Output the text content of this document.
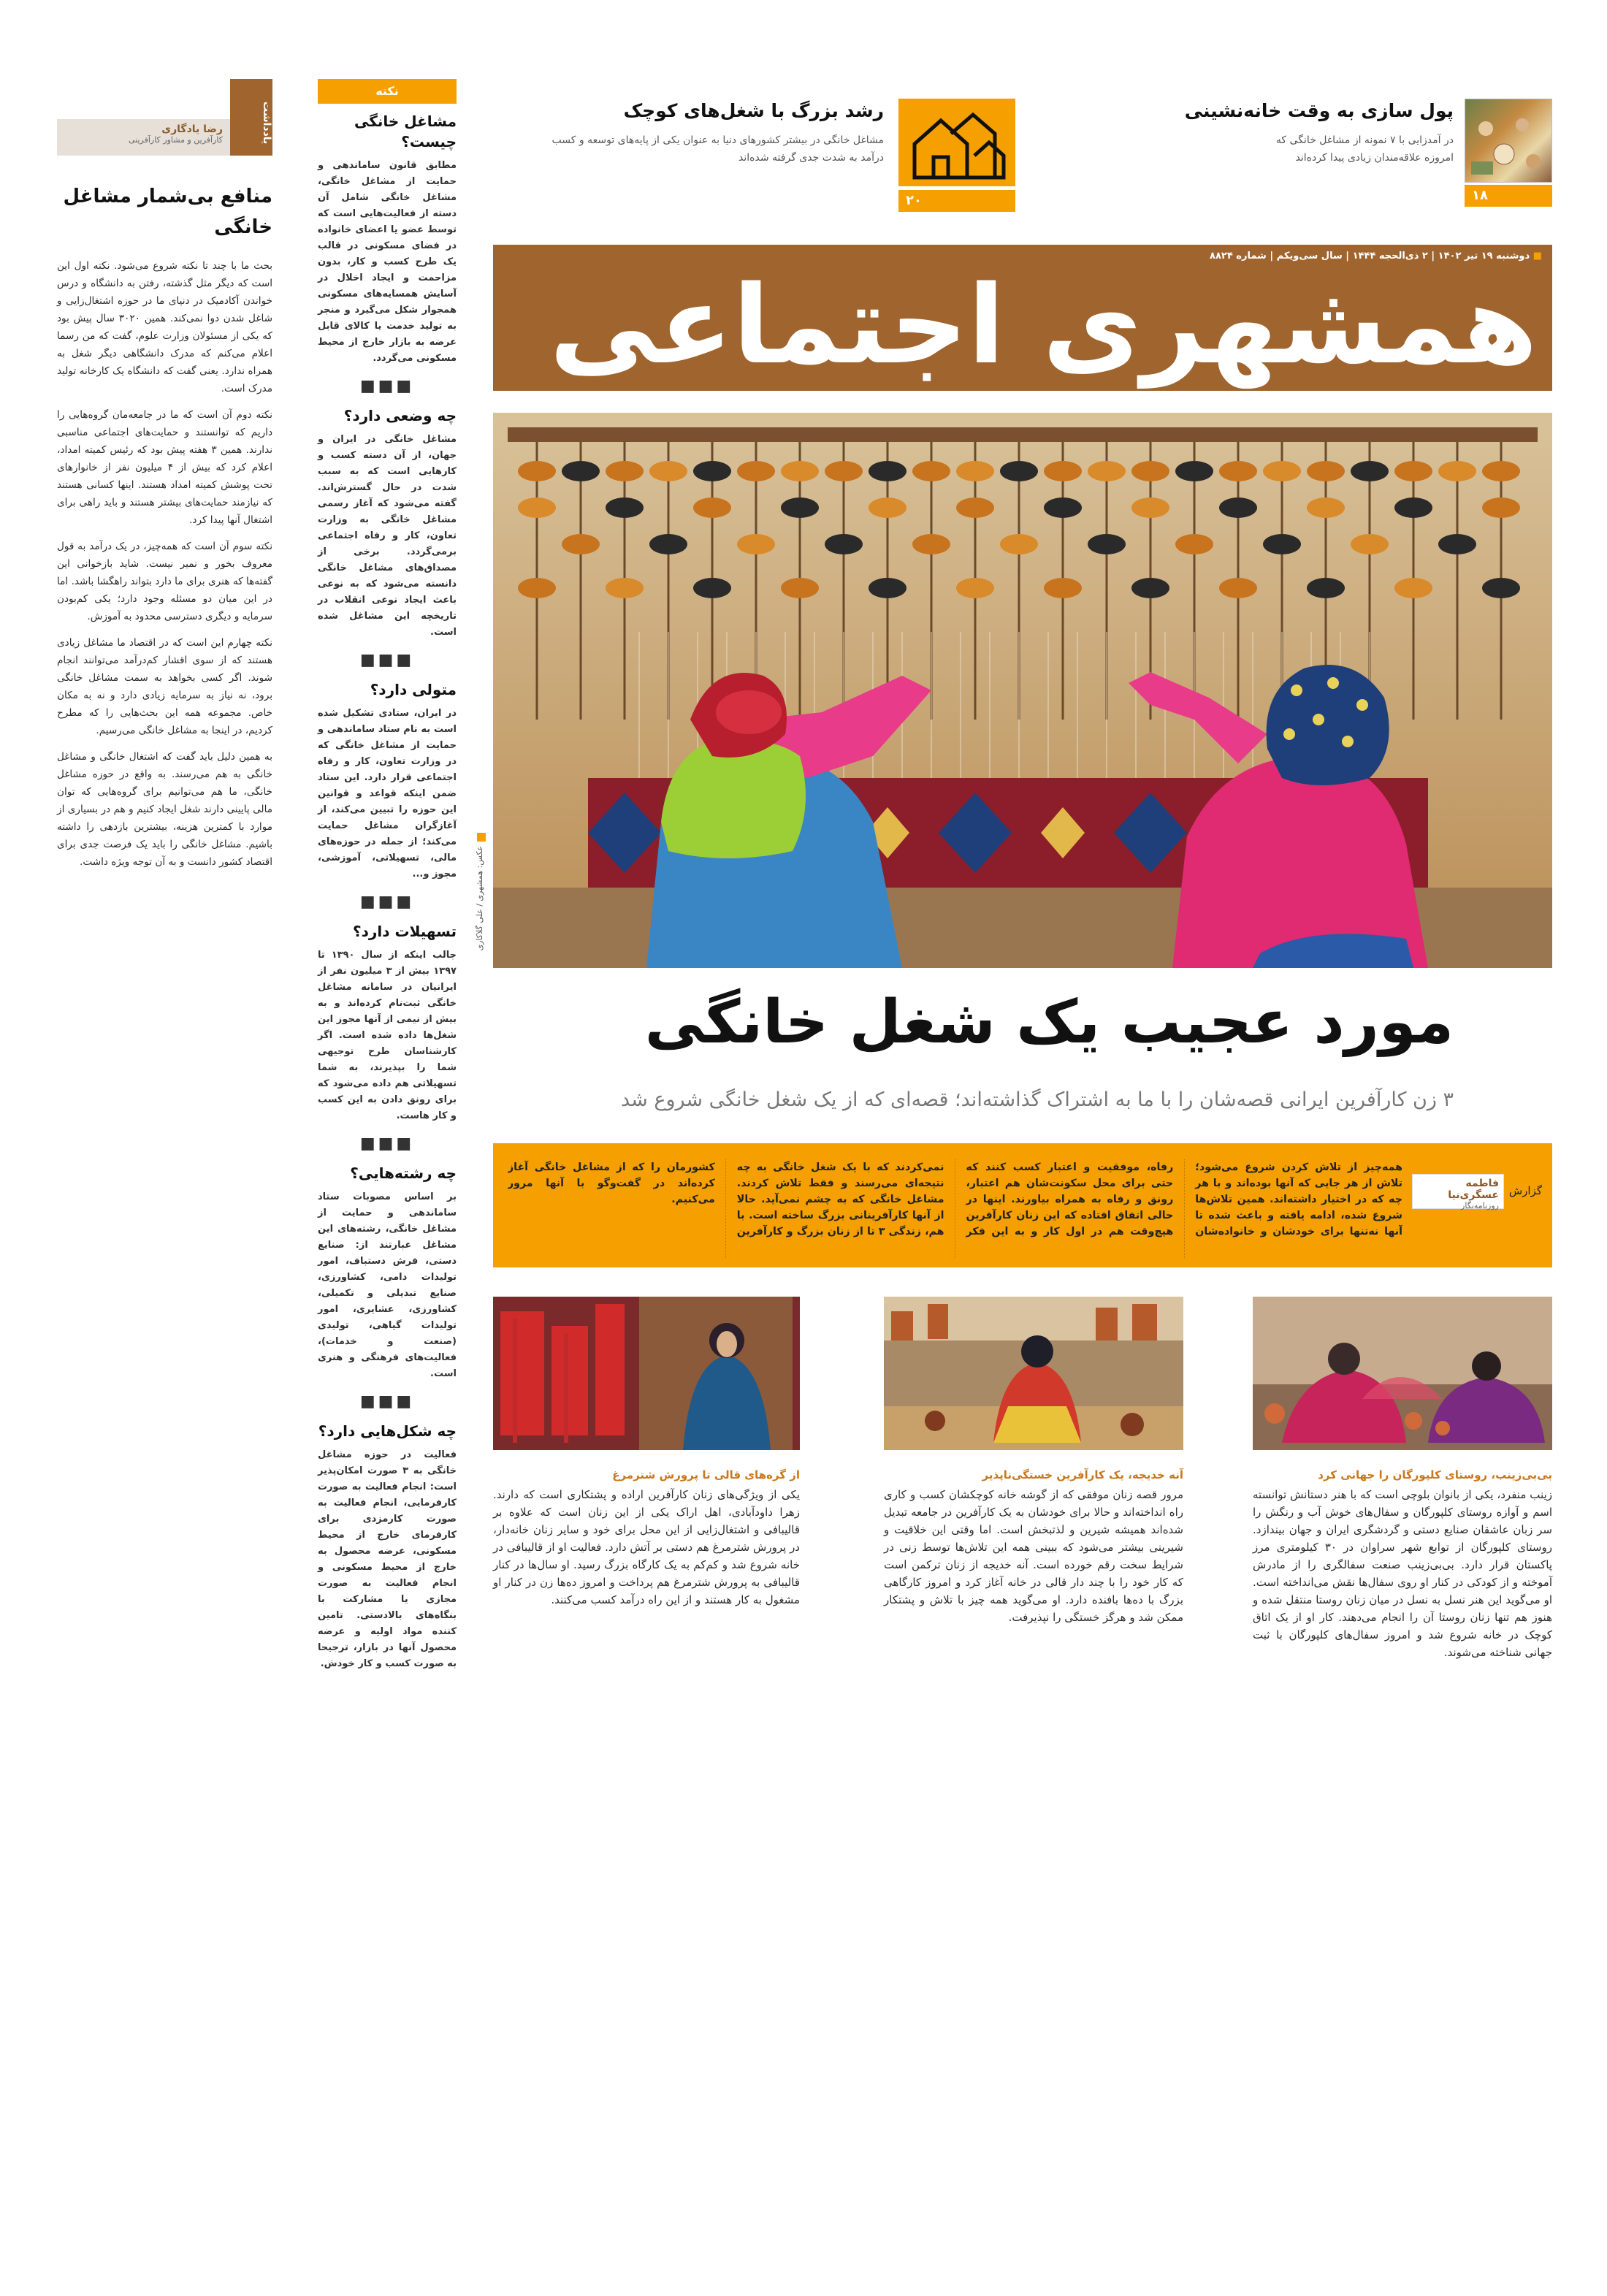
پول سازی به وقت خانه‌نشینی
در آمدزایی با ۷ نمونه از مشاغل خانگی که امروزه علاقه‌مندان زیادی پیدا کرده‌اند
۱۸
رشد بزرگ با شغل‌های کوچک
مشاغل خانگی در بیشتر کشورهای دنیا به عنوان یکی از پایه‌های توسعه و کسب درآمد به شدت جدی گرفته شده‌اند
۲۰
■ دوشنبه ۱۹ تیر ۱۴۰۲ | ۲ ذی‌الحجه ۱۴۴۴ | سال سی‌ویکم | شماره ۸۸۲۴
همشهری اجتماعی
عکس: همشهری / علی گلاکاری
مورد عجیب یک شغل خانگی
۳ زن کارآفرین ایرانی قصه‌شان را با ما به اشتراک گذاشته‌اند؛ قصه‌ای که از یک شغل خانگی شروع شد
گزارش
فاطمه عسگری‌نیا
روزنامه‌نگار
همه‌چیز از تلاش کردن شروع می‌شود؛ تلاش از هر جایی که آنها بوده‌اند و با هر چه که در اختیار داشته‌اند. همین تلاش‌ها شروع شده، ادامه یافته و باعث شده تا آنها نه‌تنها برای خودشان و خانواده‌شان رفاه، موفقیت و اعتبار کسب کنند که حتی برای محل سکونت‌شان هم اعتبار، رونق و رفاه به همراه بیاورند. اینها در حالی اتفاق افتاده که این زنان کارآفرین هیچ‌وقت هم در اول کار و به این فکر نمی‌کردند که با یک شغل خانگی به چه نتیجه‌ای می‌رسند و فقط تلاش کردند. مشاغل خانگی که به چشم نمی‌آید. حالا از آنها کارآفرینانی بزرگ ساخته است. با هم، زندگی ۳ تا از زنان بزرگ و کارآفرین کشورمان را که از مشاغل خانگی آغاز کرده‌اند در گفت‌وگو با آنها مرور می‌کنیم.
بی‌بی‌زینب، روستای کلپورگان را جهانی کرد
زینب منفرد، یکی از بانوان بلوچی است که با هنر دستانش توانسته اسم و آوازه روستای کلپورگان و سفال‌های خوش آب و رنگش را سر زبان عاشقان صنایع دستی و گردشگری ایران و جهان بیندازد. روستای کلپورگان از توابع شهر سراوان در ۳۰ کیلومتری مرز پاکستان قرار دارد. بی‌بی‌زینب صنعت سفالگری را از مادرش آموخته و از کودکی در کنار او روی سفال‌ها نقش می‌انداخته است. او می‌گوید این هنر نسل به نسل در میان زنان روستا منتقل شده و هنوز هم تنها زنان روستا آن را انجام می‌دهند. کار او از یک اتاق کوچک در خانه شروع شد و امروز سفال‌های کلپورگان با ثبت جهانی شناخته می‌شوند.
آنه خدیجه، یک کارآفرین خستگی‌ناپذیر
مرور قصه زنان موفقی که از گوشه خانه کوچکشان کسب و کاری راه انداخته‌اند و حالا برای خودشان به یک کارآفرین در جامعه تبدیل شده‌اند همیشه شیرین و لذتبخش است. اما وقتی این خلاقیت و شیرینی بیشتر می‌شود که ببینی همه این تلاش‌ها توسط زنی در شرایط سخت رقم خورده است. آنه خدیجه از زنان ترکمن است که کار خود را با چند دار قالی در خانه آغاز کرد و امروز کارگاهی بزرگ با ده‌ها بافنده دارد. او می‌گوید همه چیز با تلاش و پشتکار ممکن شد و هرگز خستگی را نپذیرفت.
از گره‌های قالی تا پرورش شترمرغ
یکی از ویژگی‌های زنان کارآفرین اراده و پشتکاری است که دارند. زهرا داودآبادی، اهل اراک یکی از این زنان است که علاوه بر قالیبافی و اشتغال‌زایی از این محل برای خود و سایر زنان خانه‌دار، در پرورش شترمرغ هم دستی بر آتش دارد. فعالیت او از قالیبافی در خانه شروع شد و کم‌کم به یک کارگاه بزرگ رسید. او سال‌ها در کنار قالیبافی به پرورش شترمرغ هم پرداخت و امروز ده‌ها زن در کنار او مشغول به کار هستند و از این راه درآمد کسب می‌کنند.
نکته
مشاغل خانگی چیست؟
مطابق قانون ساماندهی و حمایت از مشاغل خانگی، مشاغل خانگی شامل آن دسته از فعالیت‌هایی است که توسط عضو یا اعضای خانواده در فضای مسکونی در قالب یک طرح کسب و کار، بدون مزاحمت و ایجاد اخلال در آسایش همسایه‌های مسکونی همجوار شکل می‌گیرد و منجر به تولید خدمت یا کالای قابل عرضه به بازار خارج از محیط مسکونی می‌گردد.
■■■
چه وضعی دارد؟
مشاغل خانگی در ایران و جهان، از آن دسته کسب و کارهایی است که به سبب شدت در حال گسترش‌اند. گفته می‌شود که آغاز رسمی مشاغل خانگی به وزارت تعاون، کار و رفاه اجتماعی برمی‌گردد. برخی از مصداق‌های مشاغل خانگی دانسته می‌شود که به نوعی باعث ایجاد نوعی انقلاب در تاریخچه این مشاغل شده است.
■■■
متولی دارد؟
در ایران، ستادی تشکیل شده است به نام ستاد ساماندهی و حمایت از مشاغل خانگی که در وزارت تعاون، کار و رفاه اجتماعی قرار دارد. این ستاد ضمن اینکه قواعد و قوانین این حوزه را تبیین می‌کند، از آغازگران مشاغل حمایت می‌کند؛ از جمله در حوزه‌های مالی، تسهیلاتی، آموزشی، مجوز و...
■■■
تسهیلات دارد؟
جالب اینکه از سال ۱۳۹۰ تا ۱۳۹۷ بیش از ۳ میلیون نفر از ایرانیان در سامانه مشاغل خانگی ثبت‌نام کرده‌اند و به بیش از نیمی از آنها مجوز این شغل‌ها داده شده است. اگر کارشناسان طرح توجیهی شما را بپذیرند، به شما تسهیلاتی هم داده می‌شود که برای رونق دادن به این کسب و کار هاست.
■■■
چه رشته‌هایی؟
بر اساس مصوبات ستاد ساماندهی و حمایت از مشاغل خانگی، رشته‌های این مشاغل عبارتند از: صنایع دستی، فرش دستباف، امور تولیدات دامی، کشاورزی، صنایع تبدیلی و تکمیلی، کشاورزی، عشایری، امور تولیدات گیاهی، تولیدی (صنعت و خدمات)، فعالیت‌های فرهنگی و هنری است.
■■■
چه شکل‌هایی دارد؟
فعالیت در حوزه مشاغل خانگی به ۳ صورت امکان‌پذیر است: انجام فعالیت به صورت کارفرمایی، انجام فعالیت به صورت کارمزدی برای کارفرمای خارج از محیط مسکونی، عرضه محصول به خارج از محیط مسکونی و انجام فعالیت به صورت مجازی یا مشارکت با بنگاه‌های بالادستی. تامین کننده مواد اولیه و عرضه محصول آنها در بازار، ترجیحا به صورت کسب و کار خودش.
یادداشت
رضا یادگاری
کارآفرین و مشاور کارآفرینی
منافع بی‌شمار مشاغل خانگی

بحث ما با چند تا نکته شروع می‌شود. نکته اول این است که دیگر مثل گذشته، رفتن به دانشگاه و درس خواندن آکادمیک در دنیای ما در حوزه اشتغال‌زایی و شاغل شدن دوا نمی‌کند. همین ۳۰۲۰ سال پیش بود که یکی از مسئولان وزارت علوم، گفت که من رسما اعلام می‌کنم که مدرک دانشگاهی دیگر شغل به همراه ندارد. یعنی گفت که دانشگاه یک کارخانه تولید مدرک است.

نکته دوم آن است که ما در جامعه‌مان گروه‌هایی را داریم که توانستند و حمایت‌های اجتماعی مناسبی ندارند. همین ۳ هفته پیش بود که رئیس کمیته امداد، اعلام کرد که بیش از ۴ میلیون نفر از خانوارهای تحت پوشش کمیته امداد هستند. اینها کسانی هستند که نیازمند حمایت‌های بیشتر هستند و باید راهی برای اشتغال آنها پیدا کرد.

نکته سوم آن است که همه‌چیز، در یک درآمد به قول معروف بخور و نمیر نیست. شاید بازخوانی این گفته‌ها که هنری برای ما دارد بتواند راهگشا باشد. اما در این میان دو مسئله وجود دارد؛ یکی کم‌بودن سرمایه و دیگری دسترسی محدود به آموزش.

نکته چهارم این است که در اقتصاد ما مشاغل زیادی هستند که از سوی اقشار کم‌درآمد می‌توانند انجام شوند. اگر کسی بخواهد به سمت مشاغل خانگی برود، نه نیاز به سرمایه زیادی دارد و نه به مکان خاص. مجموعه همه این بحث‌هایی را که مطرح کردیم، در اینجا به مشاغل خانگی می‌رسیم.

به همین دلیل باید گفت که اشتغال خانگی و مشاغل خانگی به هم می‌رسند. به واقع در حوزه مشاغل خانگی، ما هم می‌توانیم برای گروه‌هایی که توان مالی پایینی دارند شغل ایجاد کنیم و هم در بسیاری از موارد با کمترین هزینه، بیشترین بازدهی را داشته باشیم. مشاغل خانگی را باید یک فرصت جدی برای اقتصاد کشور دانست و به آن توجه ویژه داشت.
